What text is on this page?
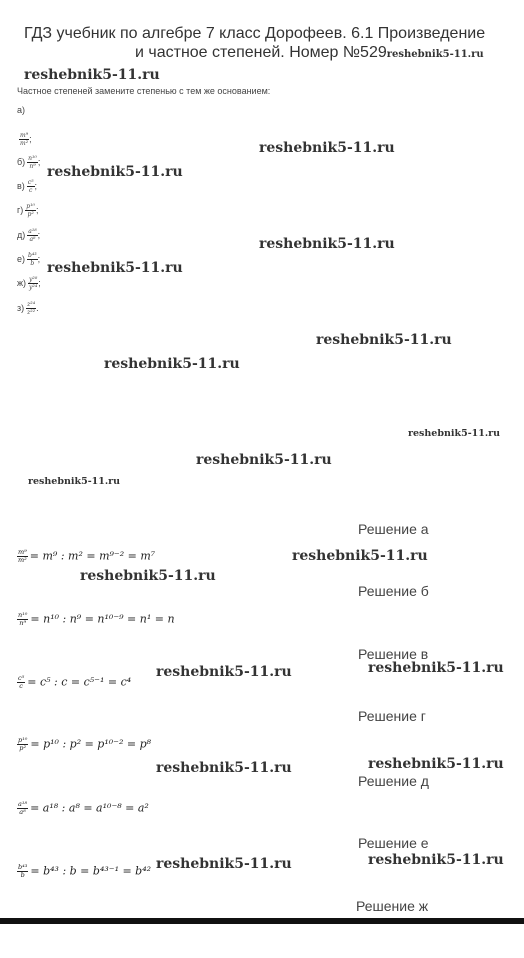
ГДЗ учебник по алгебре 7 класс Дорофеев. 6.1 Произведение
и частное степеней. Номер №529reshebnik5-11.ru
reshebnik5-11.ru
reshebnik5-11.ru
reshebnik5-11.ru
reshebnik5-11.ru
reshebnik5-11.ru
reshebnik5-11.ru
reshebnik5-11.ru
reshebnik5-11.ru
reshebnik5-11.ru
reshebnik5-11.ru
Частное степеней замените степенью с тем же основанием:
а)
$\frac{\text{m⁹}}{\text{m²}}$ ;
$б) \frac{\text{n¹⁰}}{\text{n⁹}}$ ;
$в) \frac{\text{c⁵}}{c}$ ;
$г) \frac{\text{p¹⁰}}{\text{p²}}$ ;
$д) \frac{\text{a¹⁸}}{\text{a⁸}}$ ;
$е) \frac{\text{b⁴³}}{b}$ ;
$ж) \frac{\text{y²⁸}}{\text{y²⁴}}$ ;
$з) \frac{\text{z²⁴}}{\text{z²²}}$ .
Решение а
$\frac{\text{m⁹}}{\text{m²}} = m^9$ : m² = m⁹⁻² = m⁷	reshebnik5-11.ru
reshebnik5-11.ru
Решение б
$\frac{\text{n¹⁰}}{\text{n⁹}} = n^{10}$ : n⁹ = n¹⁰⁻⁹ = n¹ = n
Решение в
reshebnik5-11.ru
reshebnik5-11.ru
$\frac{\text{c⁵}}{c} = c^5$ : c = c⁵⁻¹ = c⁴
Решение г
$\frac{\text{p¹⁰}}{\text{p²}} = p^{10}$ : p² = p¹⁰⁻² = p⁸
reshebnik5-11.ru	reshebnik5-11.ru
Решение д
$\frac{\text{a¹⁸}}{\text{a⁸}} = a^{18}$ : a⁸ = a¹⁰⁻⁸ = a²
Решение е
reshebnik5-11.ru
$\frac{\text{b⁴³}}{b} = b^{43}$ : b = b⁴³⁻¹ = b⁴² reshebnik5-11.ru
Решение ж
